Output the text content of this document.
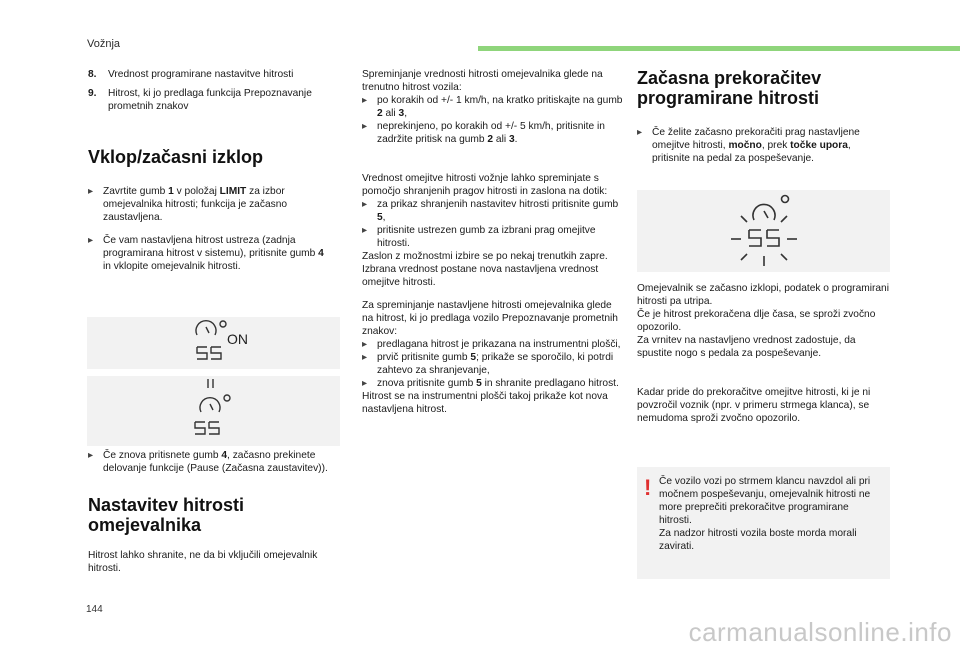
Vožnja
8.	Vrednost programirane nastavitve hitrosti
9.	Hitrost, ki jo predlaga funkcija Prepoznavanje prometnih znakov
Vklop/začasni izklop
▸ Zavrtite gumb 1 v položaj LIMIT za izbor omejevalnika hitrosti; funkcija je začasno zaustavljena.

▸ Če vam nastavljena hitrost ustreza (zadnja programirana hitrost v sistemu), pritisnite gumb 4 in vklopite omejevalnik hitrosti.

ON
▸ Če znova pritisnete gumb 4, začasno prekinete delovanje funkcije (Pause (Začasna zaustavitev)).

Nastavitev hitrosti omejevalnika

Hitrost lahko shranite, ne da bi vključili omejevalnik hitrosti.

Spreminjanje vrednosti hitrosti omejevalnika glede na trenutno hitrost vozila:

▸ po korakih od +/- 1 km/h, na kratko pritiskajte na gumb 2 ali 3,

▸ neprekinjeno, po korakih od +/- 5 km/h, pritisnite in zadržite pritisk na gumb 2 ali 3.

Vrednost omejitve hitrosti vožnje lahko spreminjate s pomočjo shranjenih pragov hitrosti in zaslona na dotik:

▸ za prikaz shranjenih nastavitev hitrosti pritisnite gumb 5,

▸ pritisnite ustrezen gumb za izbrani prag omejitve hitrosti.

Zaslon z možnostmi izbire se po nekaj trenutkih zapre.

Izbrana vrednost postane nova nastavljena vrednost omejitve hitrosti.

Za spreminjanje nastavljene hitrosti omejevalnika glede na hitrost, ki jo predlaga vozilo Prepoznavanje prometnih znakov:

▸ predlagana hitrost je prikazana na instrumentni plošči,

▸ prvič pritisnite gumb 5; prikaže se sporočilo, ki potrdi zahtevo za shranjevanje,

▸ znova pritisnite gumb 5 in shranite predlagano hitrost.

Hitrost se na instrumentni plošči takoj prikaže kot nova nastavljena hitrost.

Začasna prekoračitev programirane hitrosti
▸ Če želite začasno prekoračiti prag nastavljene omejitve hitrosti, močno, prek točke upora, pritisnite na pedal za pospeševanje.

Omejevalnik se začasno izklopi, podatek o programirani hitrosti pa utripa.

Če je hitrost prekoračena dlje časa, se sproži zvočno opozorilo.

Za vrnitev na nastavljeno vrednost zadostuje, da spustite nogo s pedala za pospeševanje.

Kadar pride do prekoračitve omejitve hitrosti, ki je ni povzročil voznik (npr. v primeru strmega klanca), se nemudoma sproži zvočno opozorilo.

! Če vozilo vozi po strmem klancu navzdol ali pri močnem pospeševanju, omejevalnik hitrosti ne more preprečiti prekoračitve programirane hitrosti.

Za nadzor hitrosti vozila boste morda morali zavirati.

144
carmanualsonline.info
